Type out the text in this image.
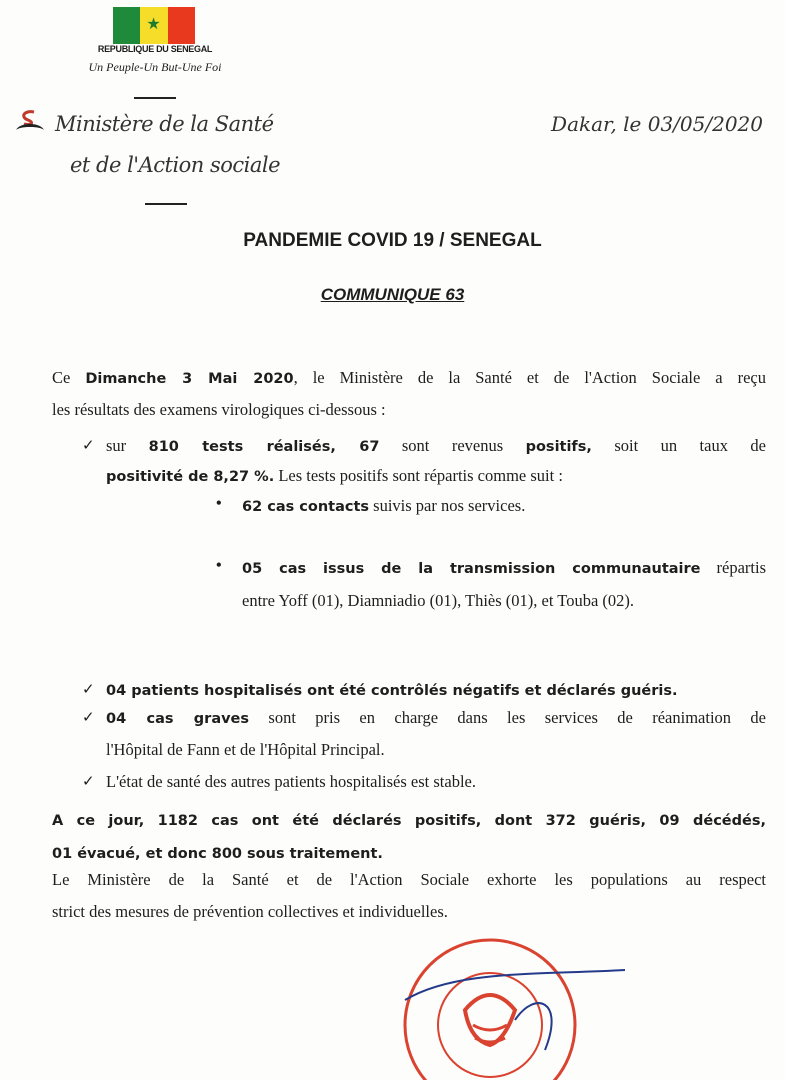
★
REPUBLIQUE DU SENEGAL
Un Peuple-Un But-Une Foi
Ministère de la Santé
et de l'Action sociale
Dakar, le 03/05/2020
PANDEMIE COVID 19 / SENEGAL
COMMUNIQUE 63
Ce Dimanche 3 Mai 2020, le Ministère de la Santé et de l'Action Sociale a reçu
les résultats des examens virologiques ci-dessous :
✓ sur 810 tests réalisés, 67 sont revenus positifs, soit un taux de
positivité de 8,27 %. Les tests positifs sont répartis comme suit :
• 62 cas contacts suivis par nos services.
• 05 cas issus de la transmission communautaire répartis
entre Yoff (01), Diamniadio (01), Thiès (01), et Touba (02).
✓ 04 patients hospitalisés ont été contrôlés négatifs et déclarés guéris.
✓ 04 cas graves sont pris en charge dans les services de réanimation de
l'Hôpital de Fann et de l'Hôpital Principal.
✓ L'état de santé des autres patients hospitalisés est stable.
A ce jour, 1182 cas ont été déclarés positifs, dont 372 guéris, 09 décédés,
01 évacué, et donc 800 sous traitement.
Le Ministère de la Santé et de l'Action Sociale exhorte les populations au respect
strict des mesures de prévention collectives et individuelles.
